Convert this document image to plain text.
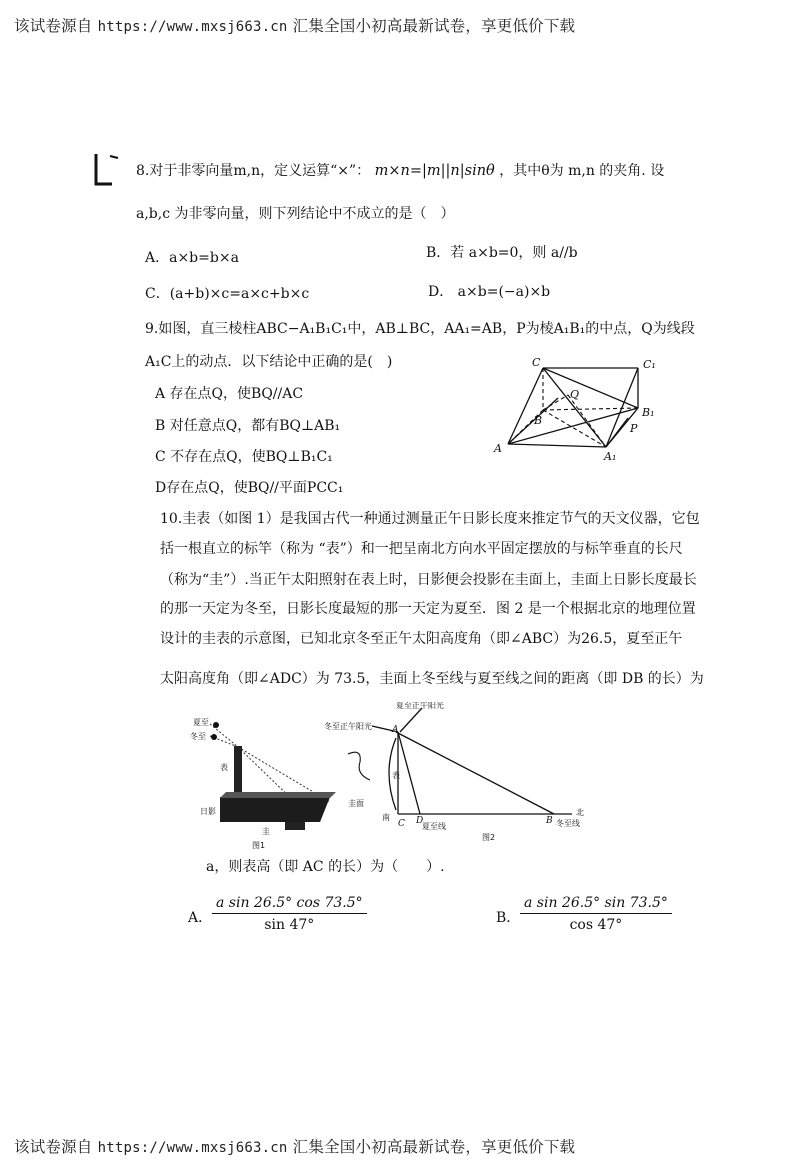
该试卷源自 https://www.mxsj663.cn 汇集全国小初高最新试卷，享更低价下载
8.对于非零向量m,n，定义运算“×”： m×n=|m||n|sinθ ，其中θ为 m,n 的夹角. 设
a,b,c 为非零向量，则下列结论中不成立的是（　）
A．a×b=b×a	B．若 a×b=0，则 a//b
C．(a+b)×c=a×c+b×c	D． a×b=(−a)×b
9.如图，直三棱柱ABC−A₁B₁C₁中，AB⊥BC，AA₁=AB，P为棱A₁B₁的中点，Q为线段
A₁C上的动点．以下结论中正确的是(　)
A 存在点Q，使BQ//AC
B 对任意点Q，都有BQ⊥AB₁
C 不存在点Q，使BQ⊥B₁C₁
D存在点Q，使BQ//平面PCC₁
C	C₁
B
B₁
A
A₁
P
Q
10.圭表（如图 1）是我国古代一种通过测量正午日影长度来推定节气的天文仪器，它包
括一根直立的标竿（称为 “表”）和一把呈南北方向水平固定摆放的与标竿垂直的长尺
（称为“圭”）.当正午太阳照射在表上时，日影便会投影在圭面上，圭面上日影长度最长
的那一天定为冬至，日影长度最短的那一天定为夏至．图 2 是一个根据北京的地理位置
设计的圭表的示意图，已知北京冬至正午太阳高度角（即∠ABC）为26.5，夏至正午
太阳高度角（即∠ADC）为 73.5，圭面上冬至线与夏至线之间的距离（即 DB 的长）为
夏至
冬至
表
日影
圭
图1
夏至正午阳光
冬至正午阳光
表
圭面
南
北
夏至线	冬至线
图2
A
C D	B
a，则表高（即 AC 的长）为（　　）.
A． $\frac{\text{a sin 26.5° cos 73.5°}}{\sin 47^\circ}$	B． $\frac{\text{a sin 26.5° sin 73.5°}}{\cos 47^\circ}$
该试卷源自 https://www.mxsj663.cn 汇集全国小初高最新试卷，享更低价下载
